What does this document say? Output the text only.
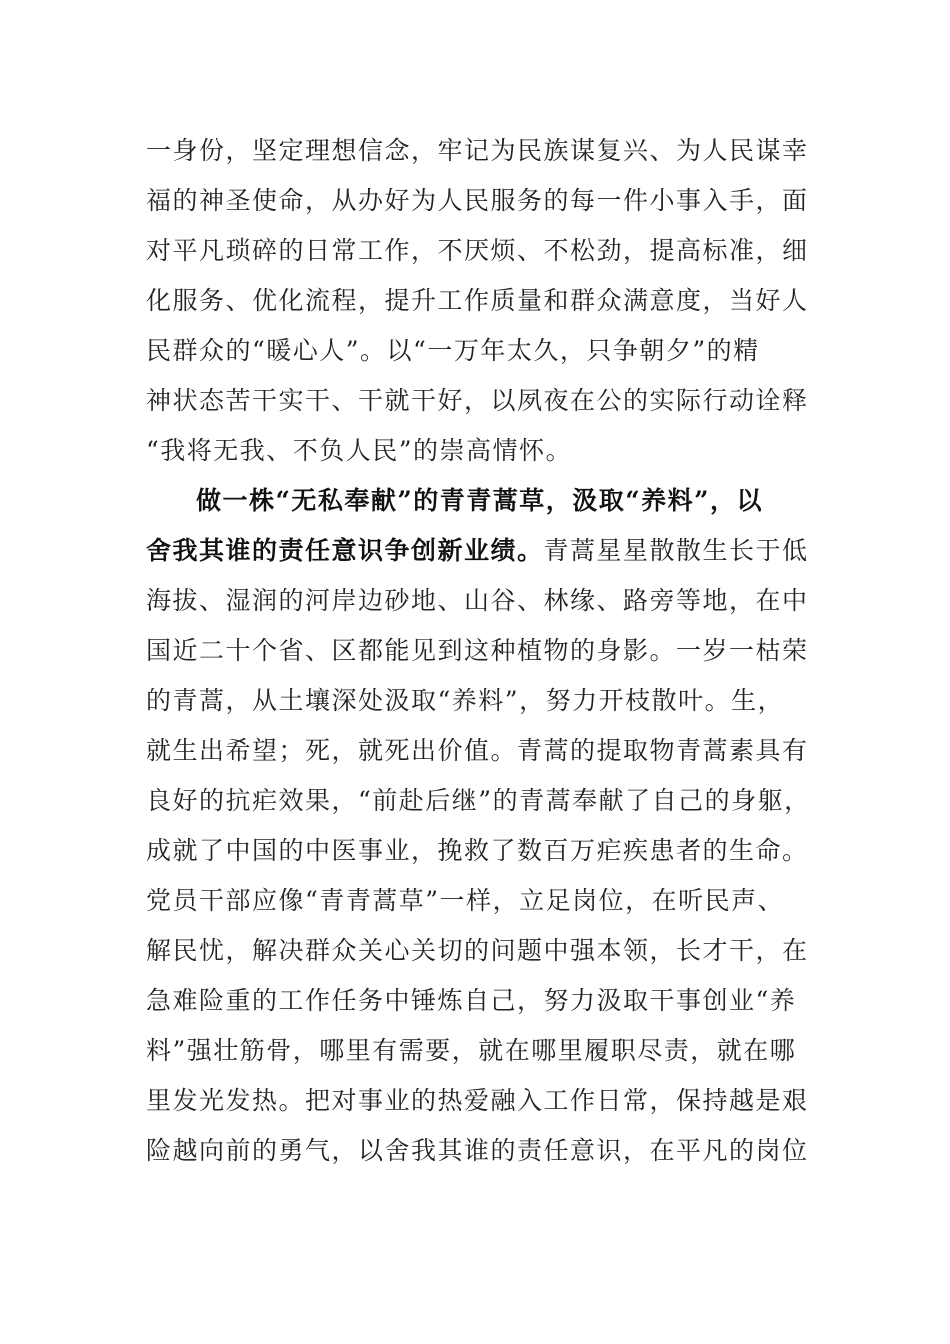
一身份，坚定理想信念，牢记为民族谋复兴、为人民谋幸
福的神圣使命，从办好为人民服务的每一件小事入手，面
对平凡琐碎的日常工作，不厌烦、不松劲，提高标准，细
化服务、优化流程，提升工作质量和群众满意度，当好人
民群众的“暖心人”。以“一万年太久，只争朝夕”的精
神状态苦干实干、干就干好，以夙夜在公的实际行动诠释
“我将无我、不负人民”的崇高情怀。
做一株“无私奉献”的青青蒿草，汲取“养料”，以
舍我其谁的责任意识争创新业绩。青蒿星星散散生长于低
海拔、湿润的河岸边砂地、山谷、林缘、路旁等地，在中
国近二十个省、区都能见到这种植物的身影。一岁一枯荣
的青蒿，从土壤深处汲取“养料”，努力开枝散叶。生，
就生出希望；死，就死出价值。青蒿的提取物青蒿素具有
良好的抗疟效果，“前赴后继”的青蒿奉献了自己的身躯，
成就了中国的中医事业，挽救了数百万疟疾患者的生命。
党员干部应像“青青蒿草”一样，立足岗位，在听民声、
解民忧，解决群众关心关切的问题中强本领，长才干，在
急难险重的工作任务中锤炼自己，努力汲取干事创业“养
料”强壮筋骨，哪里有需要，就在哪里履职尽责，就在哪
里发光发热。把对事业的热爱融入工作日常，保持越是艰
险越向前的勇气，以舍我其谁的责任意识，在平凡的岗位
